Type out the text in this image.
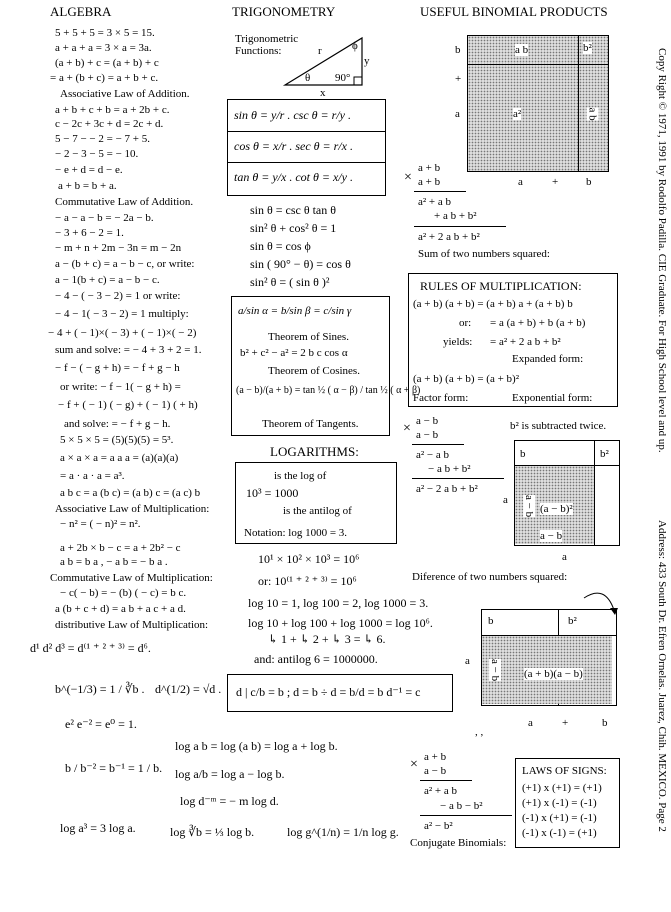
ALGEBRA	TRIGONOMETRY	USEFUL BINOMIAL PRODUCTS
5 + 5 + 5 = 3 × 5 = 15.
a + a + a = 3 × a = 3a.
(a + b) + c = (a + b) + c
= a + (b + c) = a + b + c.
Associative Law of Addition.
a + b + c + b = a + 2b + c.
c − 2c + 3c + d = 2c + d.
5 − 7 − − 2 = − 7 + 5.
− 2 − 3 − 5 = − 10.
− e + d = d − e.
a + b = b + a.
Commutative Law of Addition.
− a − a − b = − 2a − b.
− 3 + 6 − 2 = 1.
− m + n + 2m − 3n = m − 2n
a − (b + c) = a − b − c, or write:
a − 1(b + c) = a − b − c.
− 4 − ( − 3 − 2) = 1 or write:
− 4 − 1( − 3 − 2) = 1 multiply:
− 4 + ( − 1)×( − 3) + ( − 1)×( − 2)
sum and solve: = − 4 + 3 + 2 = 1.
− f − ( − g + h) = − f + g − h
or write: − f − 1( − g + h) =
− f + ( − 1) ( − g) + ( − 1) ( + h)
and solve: = − f + g − h.
5 × 5 × 5 = (5)(5)(5) = 5³.
a × a × a = a a a = (a)(a)(a)
= a · a · a = a³.
a b c = a (b c) = (a b) c = (a c) b
Associative Law of Multiplication:
− n² = ( − n)² = n².
a + 2b × b − c = a + 2b² − c
a b = b a , − a b = − b a .
Commutative Law of Multiplication:
− c( − b) = − (b) ( − c) = b c.
a (b + c + d) = a b + a c + a d.
distributive Law of Multiplication:
d¹ d² d³ = d⁽¹ ⁺ ² ⁺ ³⁾ = d⁶.
b^(−1/3) = 1 / ∛b . d^(1/2) = √d .
e² e⁻² = e⁰ = 1.
b / b⁻² = b⁻¹ = 1 / b.
log a³ = 3 log a.
log a b = log (a b) = log a + log b.
log a/b = log a − log b.
log d⁻ᵐ = − m log d.
log ∛b = ⅓ log b.	log g^(1/n) = 1/n log g.
Trigonometric Functions:	r
y
x
θ
ϕ
90°
sin θ = y/r . csc θ = r/y .
cos θ = x/r . sec θ = r/x .
tan θ = y/x . cot θ = x/y .
sin θ = csc θ tan θ
sin² θ + cos² θ = 1
sin θ = cos ϕ
sin ( 90° − θ) = cos θ
sin² θ = ( sin θ )²
a/sin α = b/sin β = c/sin γ
Theorem of Sines.
b² + c² − a² = 2 b c cos α
Theorem of Cosines.
(a − b)/(a + b) = tan ½ ( α − β) / tan ½ ( α + β)
Theorem of Tangents.
LOGARITHMS:
is the log of
10³ = 1000
is the antilog of
Notation: log 1000 = 3.
10¹ × 10² × 10³ = 10⁶
or: 10⁽¹ ⁺ ² ⁺ ³⁾ = 10⁶
log 10 = 1, log 100 = 2, log 1000 = 3.
log 10 + log 100 + log 1000 = log 10⁶.
↳ 1 + ↳ 2 + ↳ 3 = ↳ 6.
and: antilog 6 = 1000000.
d | c/b = b ; d = b ÷ d = b/d = b d⁻¹ = c
b
+
a
a b	b²
a²	a b
a	+	b
×
a + b
a + b
a² + a b
+ a b + b²
a² + 2 a b + b²
Sum of two numbers squared:
RULES OF MULTIPLICATION:
(a + b) (a + b) = (a + b) a + (a + b) b
or: = a (a + b) + b (a + b)
yields: = a² + 2 a b + b²
Expanded form:
(a + b) (a + b) = (a + b)²
Factor form:	Exponential form:
× a − b
a − b
a² − a b
− a b + b²
a² − 2 a b + b²
b² is subtracted twice.
b	b²
a a − b (a − b)²
a − b
a
Diference of two numbers squared:
b	b²
a a − b (a + b)(a − b)
a	+	b
, ,
× a + b
a − b
a² + a b
− a b − b²
a² − b²
Conjugate Binomials:
LAWS OF SIGNS:
(+1) x (+1) = (+1)
(+1) x (-1) = (-1)
(-1) x (+1) = (-1)
(-1) x (-1) = (+1)
Copy Right © 1971, 1991 by Rodolfo Padilla. CIE Graduate. For High School level and up.
Address: 433 South Dr. Efren Ornelas. Juarez, Chih. MEXICO. Page 2
